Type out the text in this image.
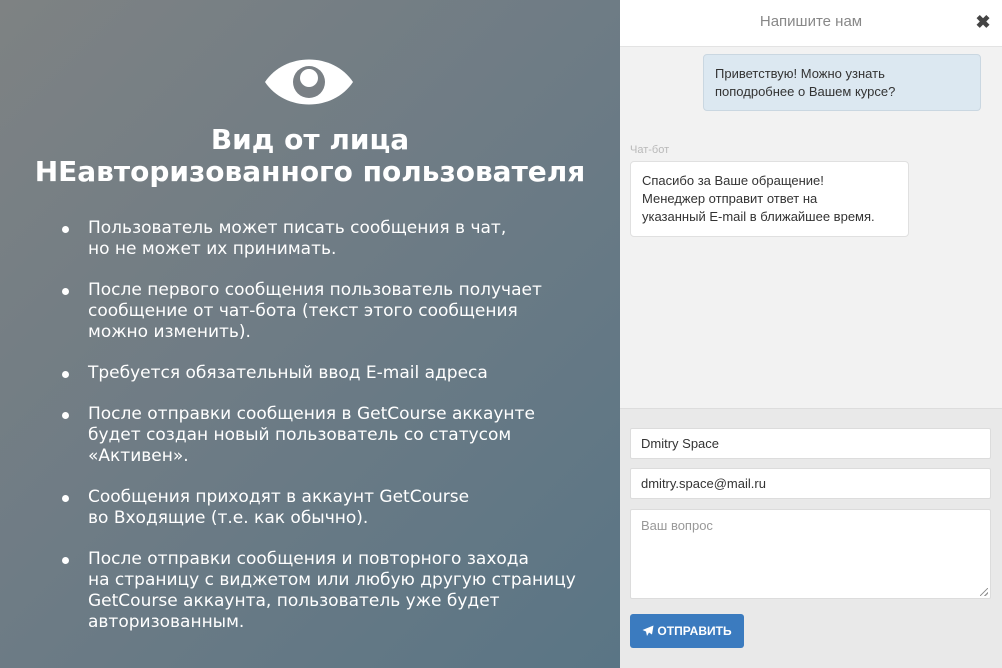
Вид от лица
НЕавторизованного пользователя
Пользователь может писать сообщения в чат,
но не может их принимать.
После первого сообщения пользователь получает
сообщение от чат-бота (текст этого сообщения
можно изменить).
Требуется обязательный ввод E-mail адреса
После отправки сообщения в GetCourse аккаунте
будет создан новый пользователь со статусом
«Активен».
Сообщения приходят в аккаунт GetCourse
во Входящие (т.е. как обычно).
После отправки сообщения и повторного захода
на страницу с виджетом или любую другую страницу
GetCourse аккаунта, пользователь уже будет
авторизованным.
Напишите нам	✖
Приветствую! Можно узнать
поподробнее о Вашем курсе?
Чат-бот
Спасибо за Ваше обращение!
Менеджер отправит ответ на
указанный E-mail в ближайшее время.
Dmitry Space
dmitry.space@mail.ru
Ваш вопрос
ОТПРАВИТЬ
